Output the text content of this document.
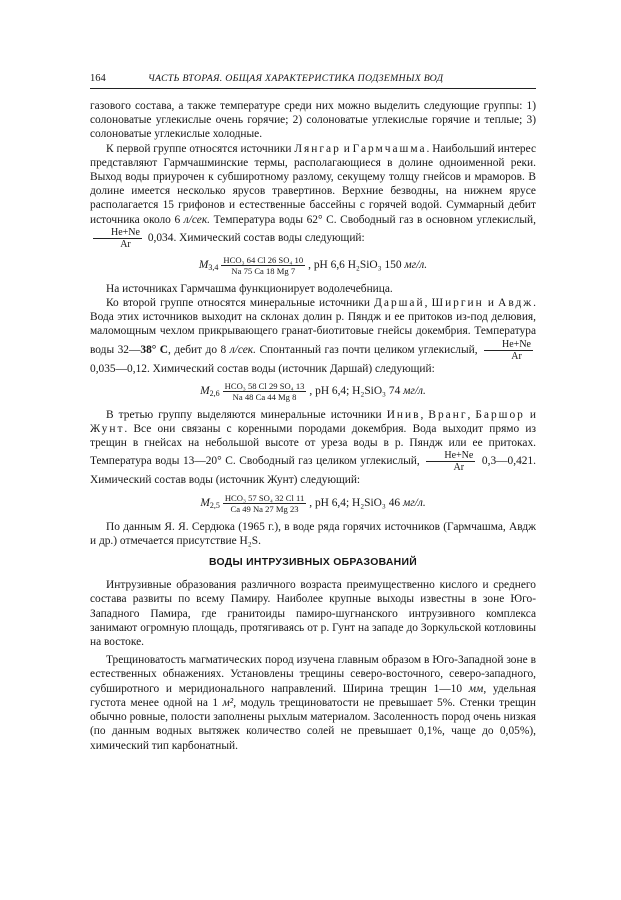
164	ЧАСТЬ ВТОРАЯ. ОБЩАЯ ХАРАКТЕРИСТИКА ПОДЗЕМНЫХ ВОД

газового состава, а также температуре среди них можно выделить следующие группы: 1) солоноватые углекислые очень горячие; 2) солоноватые углекислые горячие и теплые; 3) солоноватые углекислые холодные.

К первой группе относятся источники Лянгар и Гармчашма. Наибольший интерес представляют Гармчашминские термы, располагающиеся в долине одноименной реки. Выход воды приурочен к субширотному разлому, секущему толщу гнейсов и мраморов. В долине имеется несколько ярусов травертинов. Верхние безводны, на нижнем ярусе располагается 15 грифонов и естественные бассейны с горячей водой. Суммарный дебит источника около 6 л/сек. Температура воды 62° С. Свободный газ в основном углекислый,
$\frac{He+Ne}{Ar} 0,034$. Химический состав воды следующий:

$M_{3,4} \frac{\text{HCO₃ 64 Cl 26 SO₄ 10}}{Na 75 Ca 18 Mg 7}$ , pH 6,6 H₂SiO₃ 150 мг/л.

На источниках Гармчашма функционирует водолечебница.

Ко второй группе относятся минеральные источники Даршай, Ширгин и Авдж. Вода этих источников выходит на склонах долин р. Пяндж и ее притоков из-под делювия, маломощным чехлом прикрывающего гранат-биотитовые гнейсы докембрия. Температура воды 32—38° С, дебит до 8 л/сек. Спонтанный газ почти целиком углекислый, $\frac{He+Ne}{Ar}$
0,035—0,12. Химический состав воды (источник Даршай) следующий:

$M_{2,6} \frac{\text{HCO₃ 58 Cl 29 SO₄ 13}}{Na 48 Ca 44 Mg 8}$ , pH 6,4; H₂SiO₃ 74 мг/л.

В третью группу выделяются минеральные источники Инив, Вранг, Баршор и Жунт. Все они связаны с коренными породами докембрия. Вода выходит прямо из трещин в гнейсах на небольшой высоте от уреза воды в р. Пяндж или ее притоках. Температура воды 13—20° С. Свободный газ целиком углекислый, $\frac{He+Ne}{Ar}$ 0,3—0,421. Химический состав воды (источник Жунт) следующий:

$M_{2,5} \frac{\text{HCO₃ 57 SO₄ 32 Cl 11}}{Ca 49 Na 27 Mg 23}$ , pH 6,4; H₂SiO₃ 46 мг/л.

По данным Я. Я. Сердюка (1965 г.), в воде ряда горячих источников (Гармчашма, Авдж и др.) отмечается присутствие H₂S.

ВОДЫ ИНТРУЗИВНЫХ ОБРАЗОВАНИЙ

Интрузивные образования различного возраста преимущественно кислого и среднего состава развиты по всему Памиру. Наиболее крупные выходы известны в зоне Юго-Западного Памира, где гранитоиды памиро-шугнанского интрузивного комплекса занимают огромную площадь, протягиваясь от р. Гунт на западе до Зоркульской котловины на востоке.

Трещиноватость магматических пород изучена главным образом в Юго-Западной зоне в естественных обнажениях. Установлены трещины северо-восточного, северо-западного, субширотного и меридионального направлений. Ширина трещин 1—10 мм, удельная густота менее одной на 1 м², модуль трещиноватости не превышает 5%. Стенки трещин обычно ровные, полости заполнены рыхлым материалом. Засоленность пород очень низкая (по данным водных вытяжек количество солей не превышает 0,1%, чаще до 0,05%), химический тип карбонатный.
